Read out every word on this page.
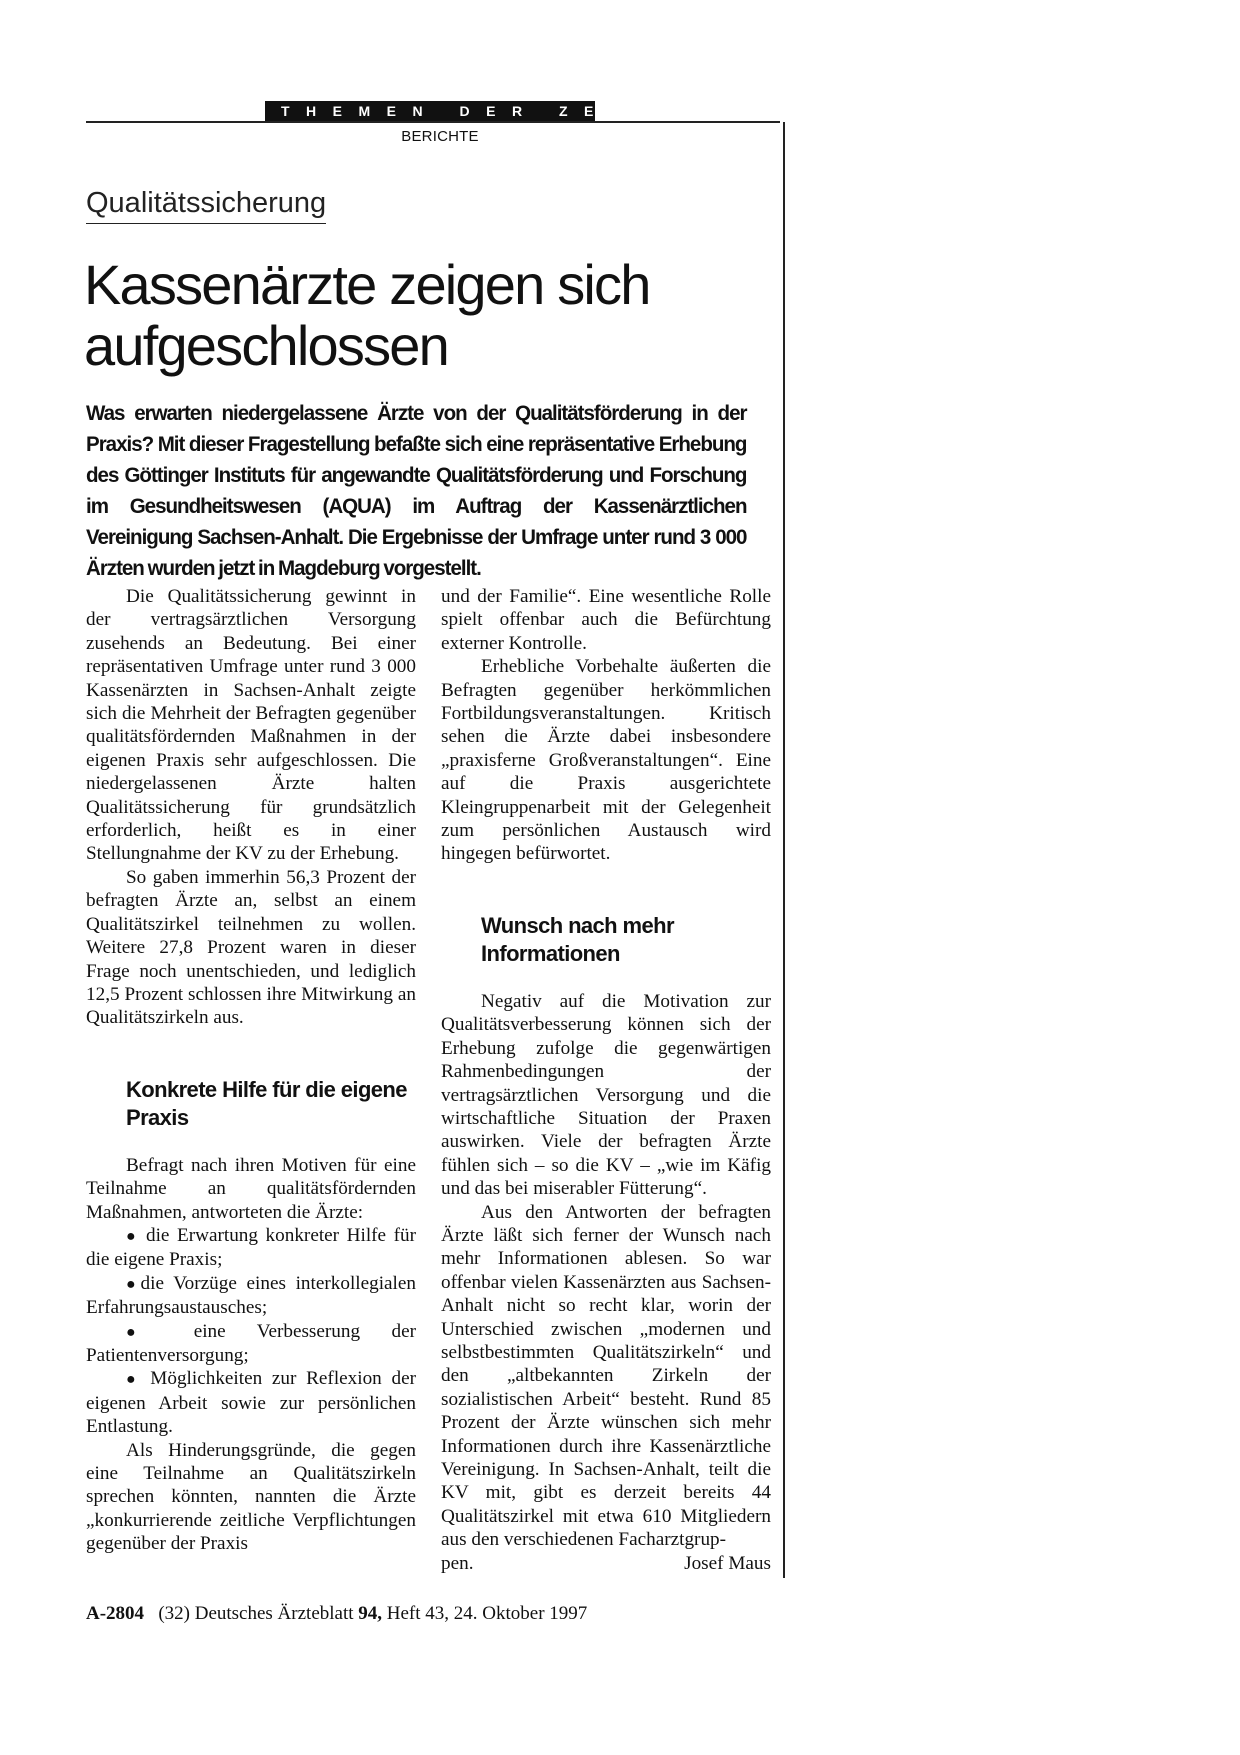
THEMEN DER ZEIT
BERICHTE
Qualitätssicherung
Kassenärzte zeigen sich aufgeschlossen

Was erwarten niedergelassene Ärzte von der Qualitätsförderung in der Praxis? Mit dieser Fragestellung befaßte sich eine repräsentative Erhebung des Göttinger Instituts für angewandte Qualitätsförderung und Forschung im Gesundheitswesen (AQUA) im Auftrag der Kassenärztlichen Vereinigung Sachsen-Anhalt. Die Ergebnisse der Umfrage unter rund 3 000 Ärzten wurden jetzt in Magdeburg vorgestellt.

Die Qualitätssicherung gewinnt in der vertragsärztlichen Versorgung zusehends an Bedeutung. Bei einer repräsentativen Umfrage unter rund 3 000 Kassenärzten in Sachsen-Anhalt zeigte sich die Mehrheit der Befragten gegenüber qualitätsfördernden Maßnahmen in der eigenen Praxis sehr aufgeschlossen. Die niedergelassenen Ärzte halten Qualitätssicherung für grundsätzlich erforderlich, heißt es in einer Stellungnahme der KV zu der Erhebung.

So gaben immerhin 56,3 Prozent der befragten Ärzte an, selbst an einem Qualitätszirkel teilnehmen zu wollen. Weitere 27,8 Prozent waren in dieser Frage noch unentschieden, und lediglich 12,5 Prozent schlossen ihre Mitwirkung an Qualitätszirkeln aus.

Konkrete Hilfe für die eigene Praxis

Befragt nach ihren Motiven für eine Teilnahme an qualitätsfördernden Maßnahmen, antworteten die Ärzte:

● die Erwartung konkreter Hilfe für die eigene Praxis;

●die Vorzüge eines interkollegialen Erfahrungsaustausches;

● eine Verbesserung der Patientenversorgung;

● Möglichkeiten zur Reflexion der eigenen Arbeit sowie zur persönlichen Entlastung.

Als Hinderungsgründe, die gegen eine Teilnahme an Qualitätszirkeln sprechen könnten, nannten die Ärzte „konkurrierende zeitliche Verpflichtungen gegenüber der Praxis

und der Familie“. Eine wesentliche Rolle spielt offenbar auch die Befürchtung externer Kontrolle.

Erhebliche Vorbehalte äußerten die Befragten gegenüber herkömmlichen Fortbildungsveranstaltungen. Kritisch sehen die Ärzte dabei insbesondere „praxisferne Großveranstaltungen“. Eine auf die Praxis ausgerichtete Kleingruppenarbeit mit der Gelegenheit zum persönlichen Austausch wird hingegen befürwortet.

Wunsch nach mehr Informationen

Negativ auf die Motivation zur Qualitätsverbesserung können sich der Erhebung zufolge die gegenwärtigen Rahmenbedingungen der vertragsärztlichen Versorgung und die wirtschaftliche Situation der Praxen auswirken. Viele der befragten Ärzte fühlen sich – so die KV – „wie im Käfig und das bei miserabler Fütterung“.

Aus den Antworten der befragten Ärzte läßt sich ferner der Wunsch nach mehr Informationen ablesen. So war offenbar vielen Kassenärzten aus Sachsen-Anhalt nicht so recht klar, worin der Unterschied zwischen „modernen und selbstbestimmten Qualitätszirkeln“ und den „altbekannten Zirkeln der sozialistischen Arbeit“ besteht. Rund 85 Prozent der Ärzte wünschen sich mehr Informationen durch ihre Kassenärztliche Vereinigung. In Sachsen-Anhalt, teilt die KV mit, gibt es derzeit bereits 44 Qualitätszirkel mit etwa 610 Mitgliedern aus den verschiedenen Facharztgrup-

pen.	Josef Maus
A-2804 (32) Deutsches Ärzteblatt 94, Heft 43, 24. Oktober 1997
